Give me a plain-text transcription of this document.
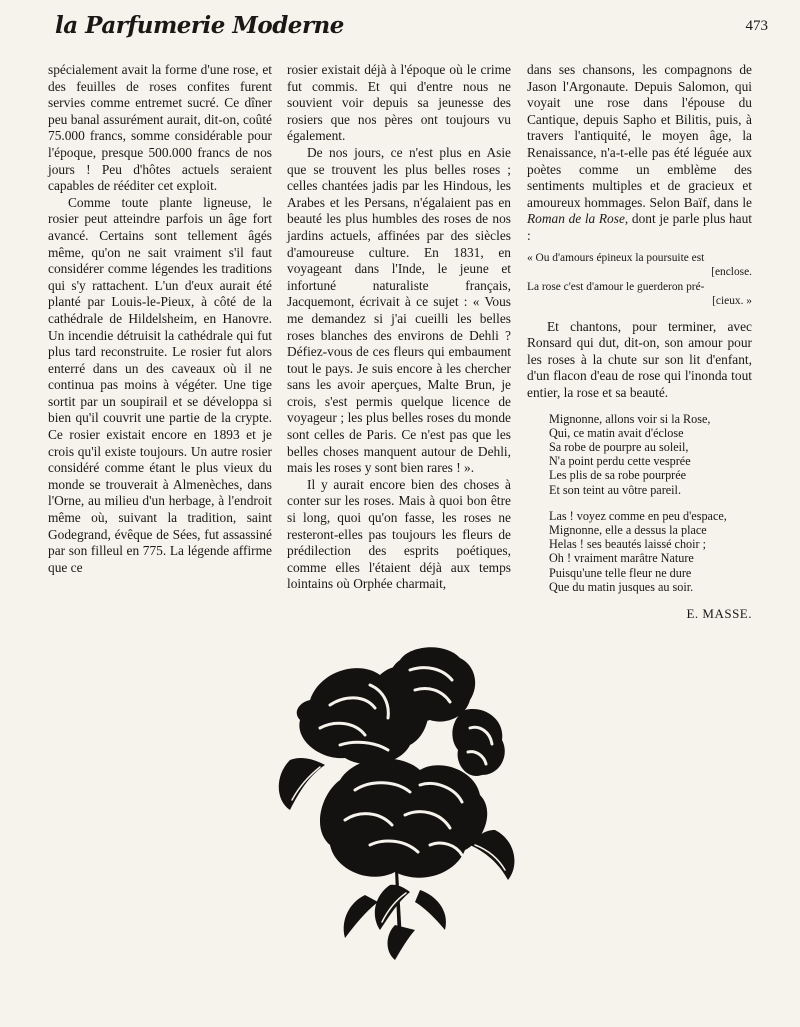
la Parfumerie Moderne	473

spécialement avait la forme d'une rose, et des feuilles de roses confites furent servies comme entremet sucré. Ce dîner peu banal assurément aurait, dit-on, coûté 75.000 francs, somme considérable pour l'époque, presque 500.000 francs de nos jours ! Peu d'hôtes actuels seraient capables de rééditer cet exploit.

Comme toute plante ligneuse, le rosier peut atteindre parfois un âge fort avancé. Certains sont tellement âgés même, qu'on ne sait vraiment s'il faut considérer comme légendes les traditions qui s'y rattachent. L'un d'eux aurait été planté par Louis-le-Pieux, à côté de la cathédrale de Hildelsheim, en Hanovre. Un incendie détruisit la cathédrale qui fut plus tard reconstruite. Le rosier fut alors enterré dans un des caveaux où il ne continua pas moins à végéter. Une tige sortit par un soupirail et se développa si bien qu'il couvrit une partie de la crypte. Ce rosier existait encore en 1893 et je crois qu'il existe toujours. Un autre rosier considéré comme étant le plus vieux du monde se trouverait à Almenèches, dans l'Orne, au milieu d'un herbage, à l'endroit même où, suivant la tradition, saint Godegrand, évêque de Sées, fut assassiné par son filleul en 775. La légende affirme que ce

rosier existait déjà à l'époque où le crime fut commis. Et qui d'entre nous ne souvient voir depuis sa jeunesse des rosiers que nos pères ont toujours vu également.

De nos jours, ce n'est plus en Asie que se trouvent les plus belles roses ; celles chantées jadis par les Hindous, les Arabes et les Persans, n'égalaient pas en beauté les plus humbles des roses de nos jardins actuels, affinées par des siècles d'amoureuse culture. En 1831, en voyageant dans l'Inde, le jeune et infortuné naturaliste français, Jacquemont, écrivait à ce sujet : « Vous me demandez si j'ai cueilli les belles roses blanches des environs de Dehli ? Défiez-vous de ces fleurs qui embaument tout le pays. Je suis encore à les chercher sans les avoir aperçues, Malte Brun, je crois, s'est permis quelque licence de voyageur ; les plus belles roses du monde sont celles de Paris. Ce n'est pas que les belles choses manquent autour de Dehli, mais les roses y sont bien rares ! ».

Il y aurait encore bien des choses à conter sur les roses. Mais à quoi bon être si long, quoi qu'on fasse, les roses ne resteront-elles pas toujours les fleurs de prédilection des esprits poétiques, comme elles l'étaient déjà aux temps lointains où Orphée charmait,

dans ses chansons, les compagnons de Jason l'Argonaute. Depuis Salomon, qui voyait une rose dans l'épouse du Cantique, depuis Sapho et Bilitis, puis, à travers l'antiquité, le moyen âge, la Renaissance, n'a-t-elle pas été léguée aux poètes comme un emblème des sentiments multiples et de gracieux et amoureux hommages. Selon Baïf, dans le Roman de la Rose, dont je parle plus haut :

« Ou d'amours épineux la poursuite est
[enclose.
La rose c'est d'amour le guerderon pré-
[cieux. »

Et chantons, pour terminer, avec Ronsard qui dut, dit-on, son amour pour les roses à la chute sur son lit d'enfant, d'un flacon d'eau de rose qui l'inonda tout entier, la rose et sa beauté.

Mignonne, allons voir si la Rose,
Qui, ce matin avait d'éclose
Sa robe de pourpre au soleil,
N'a point perdu cette vesprée
Les plis de sa robe pourprée
Et son teint au vôtre pareil.
Las ! voyez comme en peu d'espace,
Mignonne, elle a dessus la place
Helas ! ses beautés laissé choir ;
Oh ! vraiment marâtre Nature
Puisqu'une telle fleur ne dure
Que du matin jusques au soir.
E. MASSE.
